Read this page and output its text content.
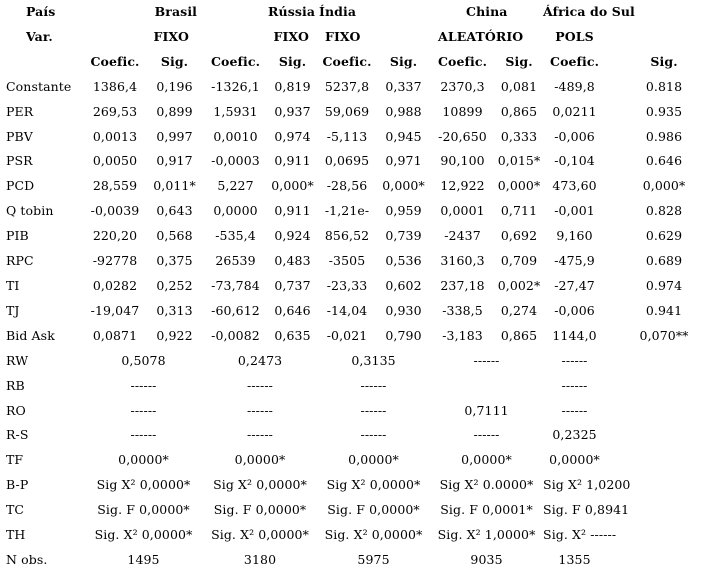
País	Brasil		Rússia		Índia		China		África do Sul	
Var.	FIXO		FIXO		FIXO		ALEATÓRIO		POLS	
	Coefic.	Sig.	Coefic.	Sig.	Coefic.	Sig.	Coefic.	Sig.	Coefic.	Sig.
Constante	1386,4	0,196	-1326,1	0,819	5237,8	0,337	2370,3	0,081	-489,8	0.818
PER	269,53	0,899	1,5931	0,937	59,069	0,988	10899	0,865	0,0211	0.935
PBV	0,0013	0,997	0,0010	0,974	-5,113	0,945	-20,650	0,333	-0,006	0.986
PSR	0,0050	0,917	-0,0003	0,911	0,0695	0,971	90,100	0,015*	-0,104	0.646
PCD	28,559	0,011*	5,227	0,000*	-28,56	0,000*	12,922	0,000*	473,60	0,000*
Q tobin	-0,0039	0,643	0,0000	0,911	-1,21e-	0,959	0,0001	0,711	-0,001	0.828
PIB	220,20	0,568	-535,4	0,924	856,52	0,739	-2437	0,692	9,160	0.629
RPC	-92778	0,375	26539	0,483	-3505	0,536	3160,3	0,709	-475,9	0.689
TI	0,0282	0,252	-73,784	0,737	-23,33	0,602	237,18	0,002*	-27,47	0.974
TJ	-19,047	0,313	-60,612	0,646	-14,04	0,930	-338,5	0,274	-0,006	0.941
Bid Ask	0,0871	0,922	-0,0082	0,635	-0,021	0,790	-3,183	0,865	1144,0	0,070**
RW	0,5078		0,2473		0,3135		------		------	
RB	------		------		------				------	
RO	------		------		------		0,7111		------	
R-S	------		------		------		------		0,2325	
TF	0,0000*		0,0000*		0,0000*		0,0000*		0,0000*	
B-P	Sig X² 0,0000*		Sig X² 0,0000*		Sig X² 0,0000*		Sig X² 0.0000*		Sig X² 1,0200	
TC	Sig. F 0,0000*		Sig. F 0,0000*		Sig. F 0,0000*		Sig. F 0,0001*		Sig. F 0,8941	
TH	Sig. X² 0,0000*		Sig. X² 0,0000*		Sig. X² 0,0000*		Sig. X² 1,0000*		Sig. X² ------	
N obs.	1495		3180		5975		9035		1355	
